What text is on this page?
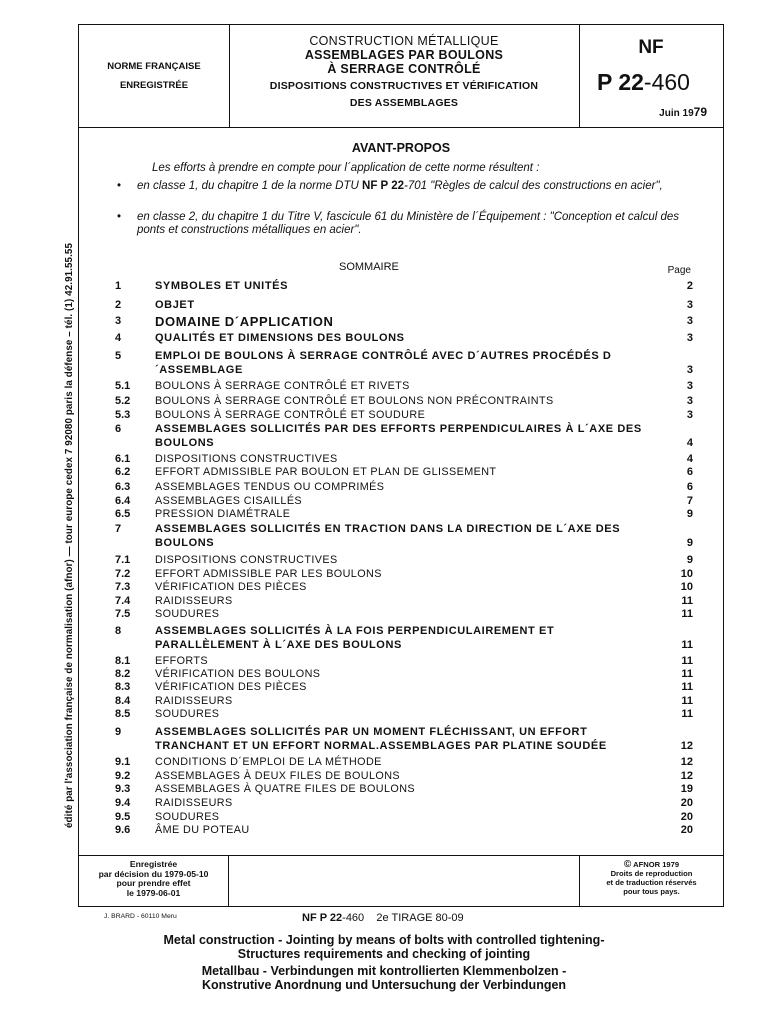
édité par l'association française de normalisation (afnor) — tour europe cedex 7 92080 paris la défense – tél. (1) 42.91.55.55
NORME FRANÇAISE
ENREGISTRÉE
CONSTRUCTION MÉTALLIQUE
ASSEMBLAGES PAR BOULONS
À SERRAGE CONTRÔLÉ
DISPOSITIONS CONSTRUCTIVES ET VÉRIFICATION
DES ASSEMBLAGES
NF
P 22-460
Juin 1979
AVANT-PROPOS
Les efforts à prendre en compte pour l´application de cette norme résultent :
• en classe 1, du chapitre 1 de la norme DTU NF P 22-701 "Règles de calcul des constructions en acier",
• en classe 2, du chapitre 1 du Titre V, fascicule 61 du Ministère de l´Équipement : "Conception et calcul des ponts et constructions métalliques en acier".
SOMMAIRE	Page
1	SYMBOLES ET UNITÉS	2
2	OBJET	3
3	DOMAINE D´APPLICATION	3
4	QUALITÉS ET DIMENSIONS DES BOULONS	3
5	EMPLOI DE BOULONS À SERRAGE CONTRÔLÉ AVEC D´AUTRES PROCÉDÉS D´ASSEMBLAGE	3
5.1 BOULONS À SERRAGE CONTRÔLÉ ET RIVETS	3
5.2 BOULONS À SERRAGE CONTRÔLÉ ET BOULONS NON PRÉCONTRAINTS	3
5.3 BOULONS À SERRAGE CONTRÔLÉ ET SOUDURE	3
6	ASSEMBLAGES SOLLICITÉS PAR DES EFFORTS PERPENDICULAIRES À L´AXE DES BOULONS	4
6.1 DISPOSITIONS CONSTRUCTIVES	4
6.2 EFFORT ADMISSIBLE PAR BOULON ET PLAN DE GLISSEMENT	6
6.3 ASSEMBLAGES TENDUS OU COMPRIMÉS	6
6.4 ASSEMBLAGES CISAILLÉS	7
6.5 PRESSION DIAMÉTRALE	9
7	ASSEMBLAGES SOLLICITÉS EN TRACTION DANS LA DIRECTION DE L´AXE DES BOULONS	9
7.1 DISPOSITIONS CONSTRUCTIVES	9
7.2 EFFORT ADMISSIBLE PAR LES BOULONS	10
7.3 VÉRIFICATION DES PIÈCES	10
7.4 RAIDISSEURS	11
7.5 SOUDURES	11
8	ASSEMBLAGES SOLLICITÉS À LA FOIS PERPENDICULAIREMENT ET PARALLÈLEMENT À L´AXE DES BOULONS	11
8.1 EFFORTS	11
8.2 VÉRIFICATION DES BOULONS	11
8.3 VÉRIFICATION DES PIÈCES	11
8.4 RAIDISSEURS	11
8.5 SOUDURES	11
9	ASSEMBLAGES SOLLICITÉS PAR UN MOMENT FLÉCHISSANT, UN EFFORT TRANCHANT ET UN EFFORT NORMAL.ASSEMBLAGES PAR PLATINE SOUDÉE	12
9.1 CONDITIONS D´EMPLOI DE LA MÉTHODE	12
9.2 ASSEMBLAGES À DEUX FILES DE BOULONS	12
9.3 ASSEMBLAGES À QUATRE FILES DE BOULONS	19
9.4 RAIDISSEURS	20
9.5 SOUDURES	20
9.6 ÂME DU POTEAU	20
Enregistrée
par décision du 1979-05-10
pour prendre effet
le 1979-06-01
© AFNOR 1979
Droits de reproduction
et de traduction réservés
pour tous pays.
J. BRARD - 60110 Meru	NF P 22-460 2e TIRAGE 80-09
Metal construction - Jointing by means of bolts with controlled tightening-
Structures requirements and checking of jointing
Metallbau - Verbindungen mit kontrollierten Klemmenbolzen -
Konstrutive Anordnung und Untersuchung der Verbindungen
